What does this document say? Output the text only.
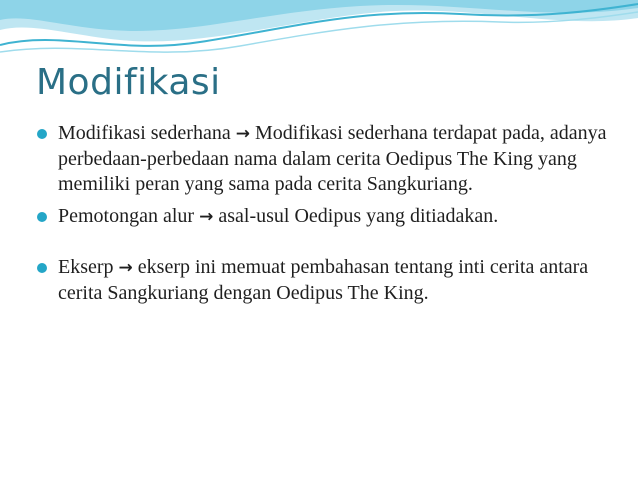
Modifikasi
Modifikasi sederhana → Modifikasi sederhana terdapat pada, adanya perbedaan-perbedaan nama dalam cerita Oedipus The King yang memiliki peran yang sama pada cerita Sangkuriang.
Pemotongan alur → asal-usul Oedipus yang ditiadakan.
Ekserp → ekserp ini memuat pembahasan tentang inti cerita antara cerita Sangkuriang dengan Oedipus The King.
